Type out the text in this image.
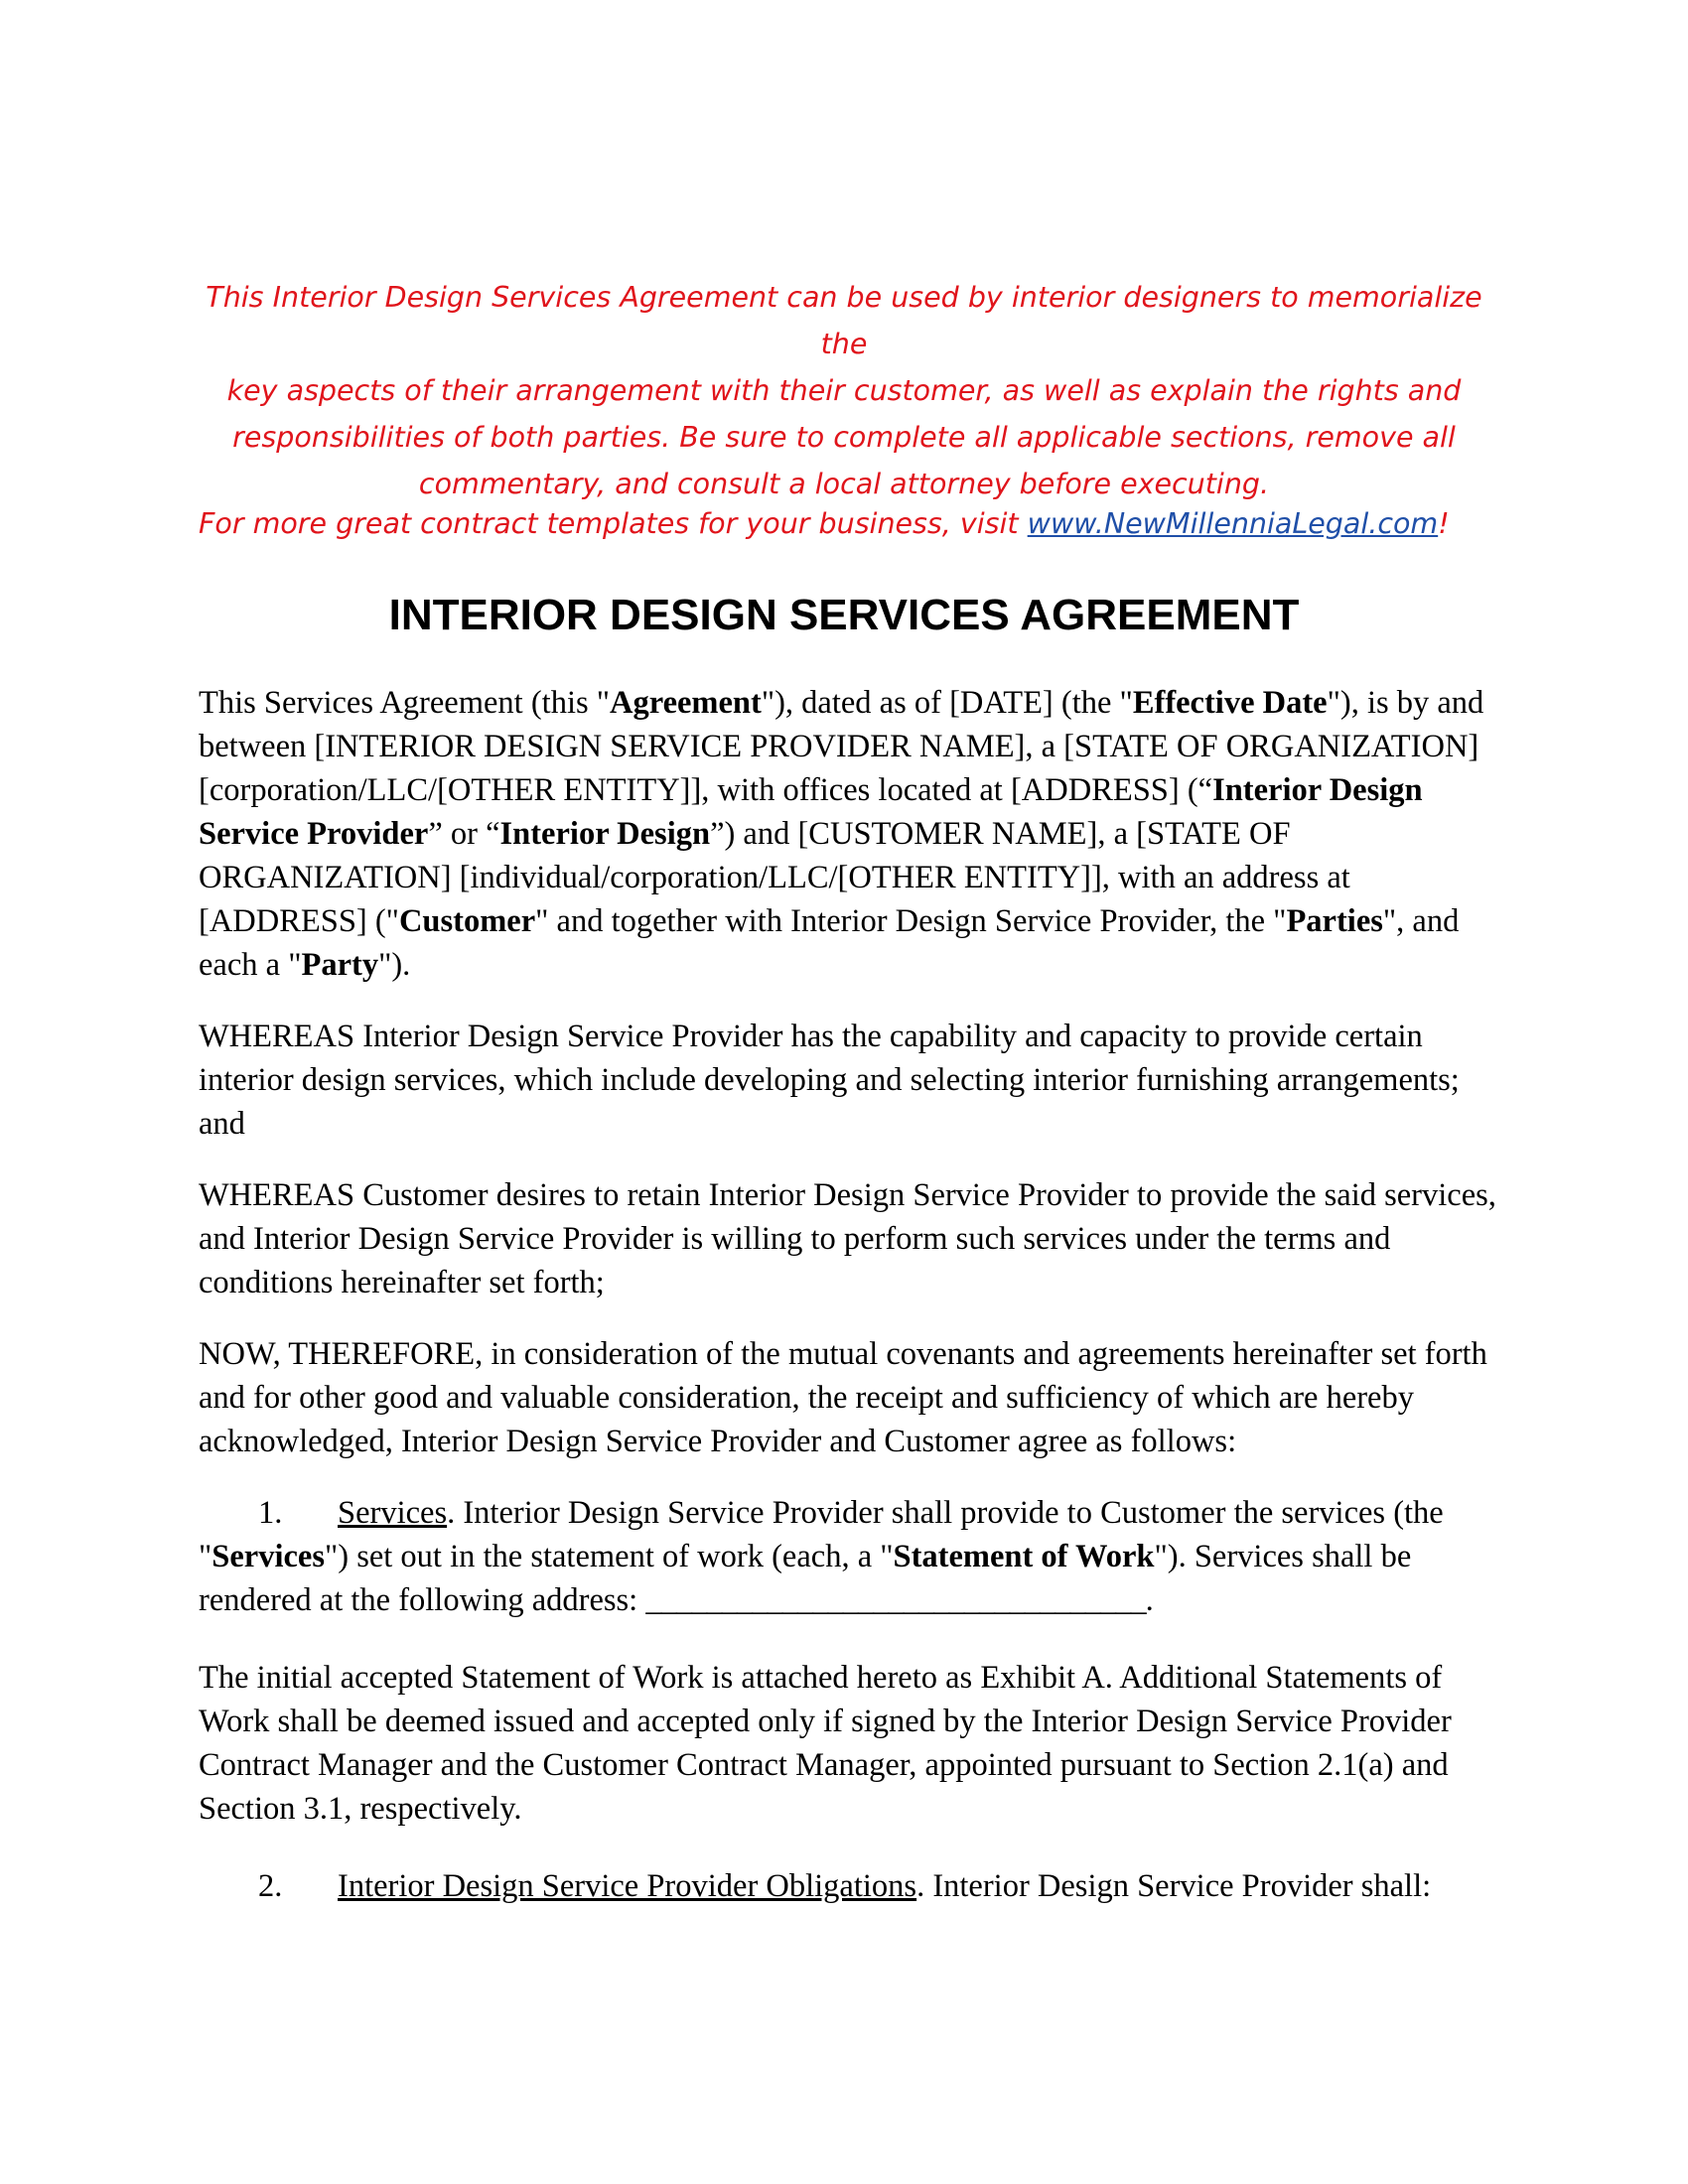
This Interior Design Services Agreement can be used by interior designers to memorialize the
key aspects of their arrangement with their customer, as well as explain the rights and
responsibilities of both parties. Be sure to complete all applicable sections, remove all
commentary, and consult a local attorney before executing.
For more great contract templates for your business, visit www.NewMillenniaLegal.com!
INTERIOR DESIGN SERVICES AGREEMENT

This Services Agreement (this "Agreement"), dated as of [DATE] (the "Effective Date"), is by and between [INTERIOR DESIGN SERVICE PROVIDER NAME], a [STATE OF ORGANIZATION] [corporation/LLC/[OTHER ENTITY]], with offices located at [ADDRESS] (“Interior Design Service Provider” or “Interior Design”) and [CUSTOMER NAME], a [STATE OF ORGANIZATION] [individual/corporation/LLC/[OTHER ENTITY]], with an address at [ADDRESS] ("Customer" and together with Interior Design Service Provider, the "Parties", and each a "Party").

WHEREAS Interior Design Service Provider has the capability and capacity to provide certain interior design services, which include developing and selecting interior furnishing arrangements; and

WHEREAS Customer desires to retain Interior Design Service Provider to provide the said services, and Interior Design Service Provider is willing to perform such services under the terms and conditions hereinafter set forth;

NOW, THEREFORE, in consideration of the mutual covenants and agreements hereinafter set forth and for other good and valuable consideration, the receipt and sufficiency of which are hereby acknowledged, Interior Design Service Provider and Customer agree as follows:

1. Services. Interior Design Service Provider shall provide to Customer the services (the "Services") set out in the statement of work (each, a "Statement of Work"). Services shall be rendered at the following address: _________________________________.

The initial accepted Statement of Work is attached hereto as Exhibit A. Additional Statements of Work shall be deemed issued and accepted only if signed by the Interior Design Service Provider Contract Manager and the Customer Contract Manager, appointed pursuant to Section 2.1(a) and Section 3.1, respectively.

2. Interior Design Service Provider Obligations. Interior Design Service Provider shall:
